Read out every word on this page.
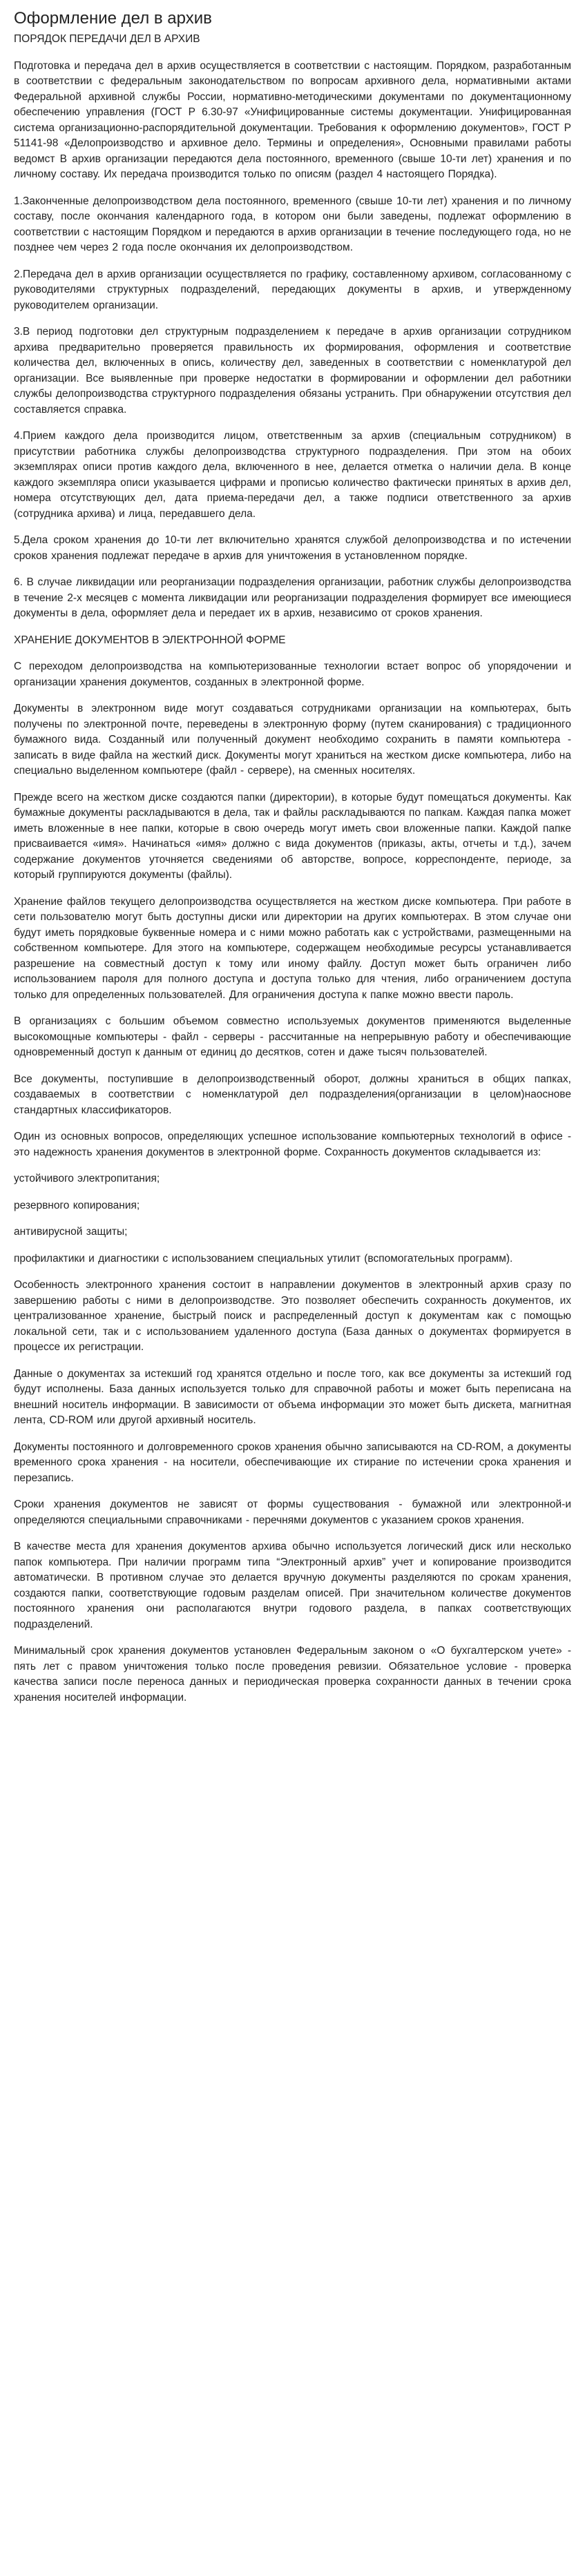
Оформление дел в архив
ПОРЯДОК ПЕРЕДАЧИ ДЕЛ В АРХИВ

Подготовка и передача дел в архив осуществляется в соответствии с настоящим. Порядком, разработанным в соответствии с федеральным законодательством по вопросам архивного дела, нормативными актами Федеральной архивной службы России, нормативно-методическими документами по документационному обеспечению управления (ГОСТ Р 6.30-97 «Унифицированные системы документации. Унифицированная система организационно-распорядительной документации. Требования к оформлению документов», ГОСТ Р 51141-98 «Делопроизводство и архивное дело. Термины и определения», Основными правилами работы ведомст В архив организации передаются дела постоянного, временного (свыше 10-ти лет) хранения и по личному составу. Их передача производится только по описям (раздел 4 настоящего Порядка).

1.Законченные делопроизводством дела постоянного, временного (свыше 10-ти лет) хранения и по личному составу, после окончания календарного года, в котором они были заведены, подлежат оформлению в соответствии с настоящим Порядком и передаются в архив организации в течение последующего года, но не позднее чем через 2 года после окончания их делопроизводством.

2.Передача дел в архив организации осуществляется по графику, составленному архивом, согласованному с руководителями структурных подразделений, передающих документы в архив, и утвержденному руководителем организации.

3.В период подготовки дел структурным подразделением к передаче в архив организации сотрудником архива предварительно проверяется правильность их формирования, оформления и соответствие количества дел, включенных в опись, количеству дел, заведенных в соответствии с номенклатурой дел организации. Все выявленные при проверке недостатки в формировании и оформлении дел работники службы делопроизводства структурного подразделения обязаны устранить. При обнаружении отсутствия дел составляется справка.

4.Прием каждого дела производится лицом, ответственным за архив (специальным сотрудником) в присутствии работника службы делопроизводства структурного подразделения. При этом на обоих экземплярах описи против каждого дела, включенного в нее, делается отметка о наличии дела. В конце каждого экземпляра описи указывается цифрами и прописью количество фактически принятых в архив дел, номера отсутствующих дел, дата приема-передачи дел, а также подписи ответственного за архив (сотрудника архива) и лица, передавшего дела.

5.Дела сроком хранения до 10-ти лет включительно хранятся службой делопроизводства и по истечении сроков хранения подлежат передаче в архив для уничтожения в установленном порядке.

6. В случае ликвидации или реорганизации подразделения организации, работник службы делопроизводства в течение 2-х месяцев с момента ликвидации или реорганизации подразделения формирует все имеющиеся документы в дела, оформляет дела и передает их в архив, независимо от сроков хранения.

ХРАНЕНИЕ ДОКУМЕНТОВ В ЭЛЕКТРОННОЙ ФОРМЕ

С переходом делопроизводства на компьютеризованные технологии встает вопрос об упорядочении и организации хранения документов, созданных в электронной форме.

Документы в электронном виде могут создаваться сотрудниками организации на компьютерах, быть получены по электронной почте, переведены в электронную форму (путем сканирования) с традиционного бумажного вида. Созданный или полученный документ необходимо сохранить в памяти компьютера - записать в виде файла на жесткий диск. Документы могут храниться на жестком диске компьютера, либо на специально выделенном компьютере (файл - сервере), на сменных носителях.

Прежде всего на жестком диске создаются папки (директории), в которые будут помещаться документы. Как бумажные документы раскладываются в дела, так и файлы раскладываются по папкам. Каждая папка может иметь вложенные в нее папки, которые в свою очередь могут иметь свои вложенные папки. Каждой папке присваивается «имя». Начинаться «имя» должно с вида документов (приказы, акты, отчеты и т.д.), зачем содержание документов уточняется сведениями об авторстве, вопросе, корреспонденте, периоде, за который группируются документы (файлы).

Хранение файлов текущего делопроизводства осуществляется на жестком диске компьютера. При работе в сети пользователю могут быть доступны диски или директории на других компьютерах. В этом случае они будут иметь порядковые буквенные номера и с ними можно работать как с устройствами, размещенными на собственном компьютере. Для этого на компьютере, содержащем необходимые ресурсы устанавливается разрешение на совместный доступ к тому или иному файлу. Доступ может быть ограничен либо использованием пароля для полного доступа и доступа только для чтения, либо ограничением доступа только для определенных пользователей. Для ограничения доступа к папке можно ввести пароль.

В организациях с большим объемом совместно используемых документов применяются выделенные высокомощные компьютеры - файл - серверы - рассчитанные на непрерывную работу и обеспечивающие одновременный доступ к данным от единиц до десятков, сотен и даже тысяч пользователей.

Все документы, поступившие в делопроизводственный оборот, должны храниться в общих папках, создаваемых в соответствии с номенклатурой дел подразделения(организации в целом)наоснове стандартных классификаторов.

Один из основных вопросов, определяющих успешное использование компьютерных технологий в офисе - это надежность хранения документов в электронной форме. Сохранность документов складывается из:

устойчивого электропитания;

резервного копирования;

антивирусной защиты;

профилактики и диагностики с использованием специальных утилит (вспомогательных программ).

Особенность электронного хранения состоит в направлении документов в электронный архив сразу по завершению работы с ними в делопроизводстве. Это позволяет обеспечить сохранность документов, их централизованное хранение, быстрый поиск и распределенный доступ к документам как с помощью локальной сети, так и с использованием удаленного доступа (База данных о документах формируется в процессе их регистрации.

Данные о документах за истекший год хранятся отдельно и после того, как все документы за истекший год будут исполнены. База данных используется только для справочной работы и может быть переписана на внешний носитель информации. В зависимости от объема информации это может быть дискета, магнитная лента, CD-ROM или другой архивный носитель.

Документы постоянного и долговременного сроков хранения обычно записываются на CD-ROM, а документы временного срока хранения - на носители, обеспечивающие их стирание по истечении срока хранения и перезапись.

Сроки хранения документов не зависят от формы существования - бумажной или электронной-и определяются специальными справочниками - перечнями документов с указанием сроков хранения.

В качестве места для хранения документов архива обычно используется логический диск или несколько папок компьютера. При наличии программ типа “Электронный архив” учет и копирование производится автоматически. В противном случае это делается вручную документы разделяются по срокам хранения, создаются папки, соответствующие годовым разделам описей. При значительном количестве документов постоянного хранения они располагаются внутри годового раздела, в папках соответствующих подразделений.

Минимальный срок хранения документов установлен Федеральным законом о «О бухгалтерском учете» - пять лет с правом уничтожения только после проведения ревизии. Обязательное условие - проверка качества записи после переноса данных и периодическая проверка сохранности данных в течении срока хранения носителей информации.
